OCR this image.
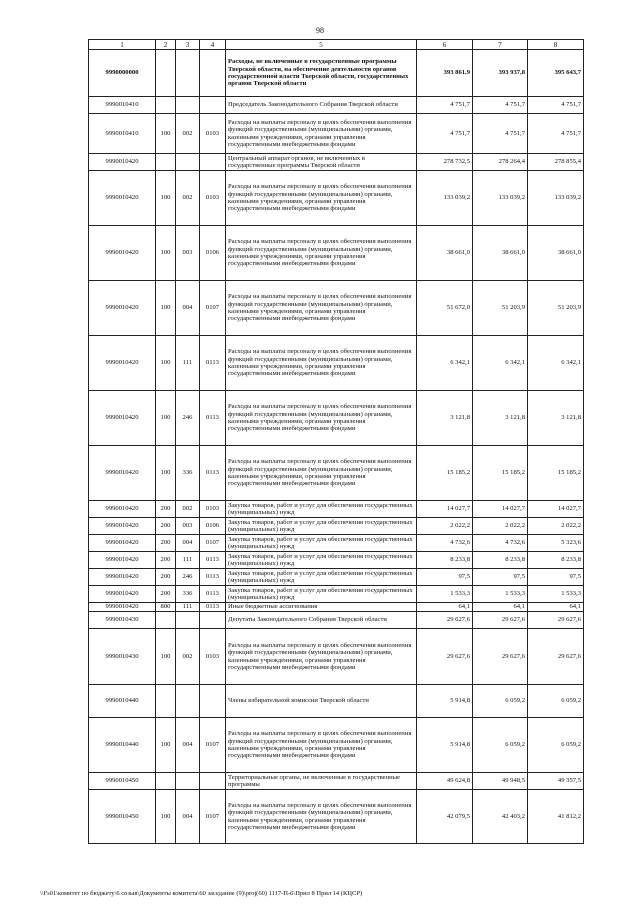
98
1	2	3	4	5	6	7	8
9990000000				Расходы, не включенные в государственные программы Тверской области, на обеспечение деятельности органов государственной власти Тверской области, государственных органов Тверской области	393 861,9	393 937,8	395 643,7
9990010410				Председатель Законодательного Собрания Тверской области	4 751,7	4 751,7	4 751,7
9990010410	100	002	0103	Расходы на выплаты персоналу в целях обеспечения выполнения функций государственными (муниципальными) органами, казенными учреждениями, органами управления государственными внебюджетными фондами	4 751,7	4 751,7	4 751,7
9990010420				Центральный аппарат органов, не включенных в государственные программы Тверской области	278 732,5	278 264,4	278 855,4
9990010420	100	002	0103	Расходы на выплаты персоналу в целях обеспечения выполнения функций государственными (муниципальными) органами, казенными учреждениями, органами управления государственными внебюджетными фондами	133 039,2	133 039,2	133 039,2
9990010420	100	003	0106	Расходы на выплаты персоналу в целях обеспечения выполнения функций государственными (муниципальными) органами, казенными учреждениями, органами управления государственными внебюджетными фондами	38 661,0	38 661,0	38 661,0
9990010420	100	004	0107	Расходы на выплаты персоналу в целях обеспечения выполнения функций государственными (муниципальными) органами, казенными учреждениями, органами управления государственными внебюджетными фондами	51 672,0	51 203,9	51 203,9
9990010420	100	111	0113	Расходы на выплаты персоналу в целях обеспечения выполнения функций государственными (муниципальными) органами, казенными учреждениями, органами управления государственными внебюджетными фондами	6 342,1	6 342,1	6 342,1
9990010420	100	246	0113	Расходы на выплаты персоналу в целях обеспечения выполнения функций государственными (муниципальными) органами, казенными учреждениями, органами управления государственными внебюджетными фондами	3 121,8	3 121,8	3 121,8
9990010420	100	336	0113	Расходы на выплаты персоналу в целях обеспечения выполнения функций государственными (муниципальными) органами, казенными учреждениями, органами управления государственными внебюджетными фондами	15 185,2	15 185,2	15 185,2
9990010420	200	002	0103	Закупка товаров, работ и услуг для обеспечения государственных (муниципальных) нужд	14 027,7	14 027,7	14 027,7
9990010420	200	003	0106	Закупка товаров, работ и услуг для обеспечения государственных (муниципальных) нужд	2 022,2	2 022,2	2 022,2
9990010420	200	004	0107	Закупка товаров, работ и услуг для обеспечения государственных (муниципальных) нужд	4 732,6	4 732,6	5 323,6
9990010420	200	111	0113	Закупка товаров, работ и услуг для обеспечения государственных (муниципальных) нужд	8 233,8	8 233,8	8 233,8
9990010420	200	246	0113	Закупка товаров, работ и услуг для обеспечения государственных (муниципальных) нужд	97,5	97,5	97,5
9990010420	200	336	0113	Закупка товаров, работ и услуг для обеспечения государственных (муниципальных) нужд	1 533,3	1 533,3	1 533,3
9990010420	800	111	0113	Иные бюджетные ассигнования	64,1	64,1	64,1
9990010430				Депутаты Законодательного Собрания Тверской области	29 627,6	29 627,6	29 627,6
9990010430	100	002	0103	Расходы на выплаты персоналу в целях обеспечения выполнения функций государственными (муниципальными) органами, казенными учреждениями, органами управления государственными внебюджетными фондами	29 627,6	29 627,6	29 627,6
9990010440				Члены избирательной комиссии Тверской области	5 914,8	6 059,2	6 059,2
9990010440	100	004	0107	Расходы на выплаты персоналу в целях обеспечения выполнения функций государственными (муниципальными) органами, казенными учреждениями, органами управления государственными внебюджетными фондами	5 914,8	6 059,2	6 059,2
9990010450				Территориальные органы, не включенные в государственные программы	49 624,8	49 948,5	49 357,5
9990010450	100	004	0107	Расходы на выплаты персоналу в целях обеспечения выполнения функций государственными (муниципальными) органами, казенными учреждениями, органами управления государственными внебюджетными фондами	42 079,5	42 403,2	41 812,2
\\Fs01\комитет по бюджету\6 созыв\Документы комитета\60 заседание (9)\proj(60) 1117-П-6\Прил 8 Прил 14 (КЦСР)
